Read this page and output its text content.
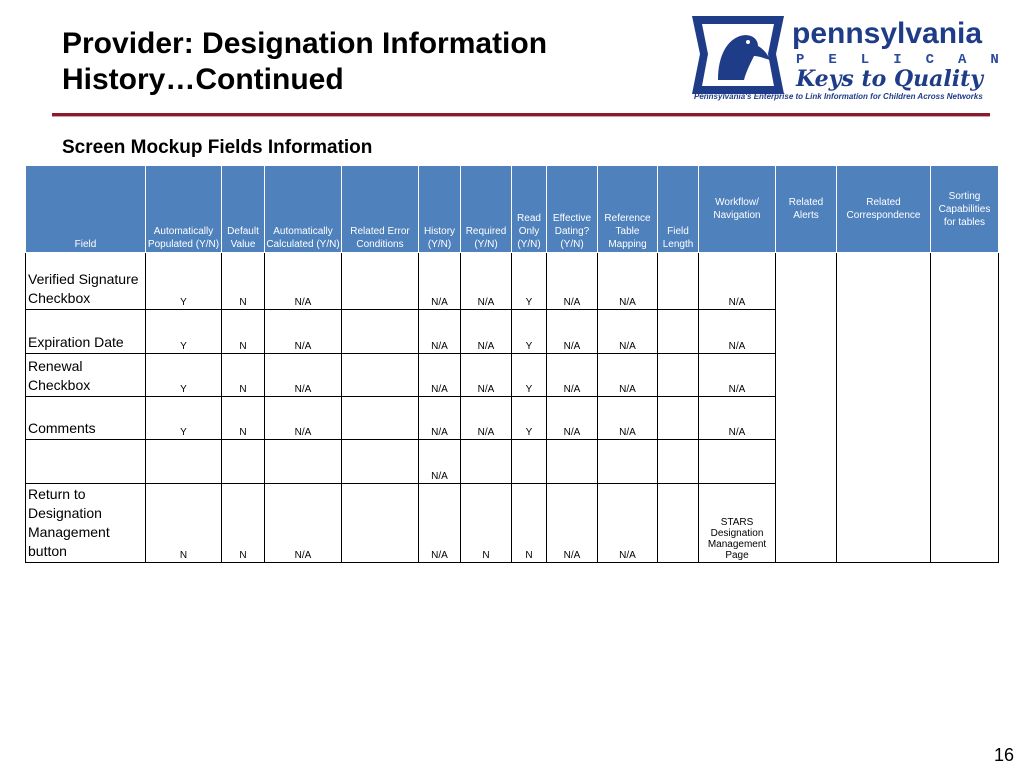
Provider: Designation Information History…Continued
pennsylvania
PELICAN
Keys to Quality
Pennsylvania's Enterprise to Link Information for Children Across Networks
Screen Mockup Fields Information
Field	Automatically Populated (Y/N)	Default Value	Automatically Calculated (Y/N)	Related Error Conditions	History (Y/N)	Required (Y/N)	Read Only (Y/N)	Effective Dating? (Y/N)	Reference Table Mapping	Field Length	Workflow/ Navigation	Related Alerts	Related Correspondence	Sorting Capabilities for tables
Verified Signature Checkbox	Y	N	N/A		N/A	N/A	Y	N/A	N/A		N/A			
Expiration Date	Y	N	N/A		N/A	N/A	Y	N/A	N/A		N/A			
Renewal Checkbox	Y	N	N/A		N/A	N/A	Y	N/A	N/A		N/A			
Comments	Y	N	N/A		N/A	N/A	Y	N/A	N/A		N/A			
					N/A									
Return to Designation Management button	N	N	N/A		N/A	N	N	N/A	N/A		STARS Designation Management Page			
16
